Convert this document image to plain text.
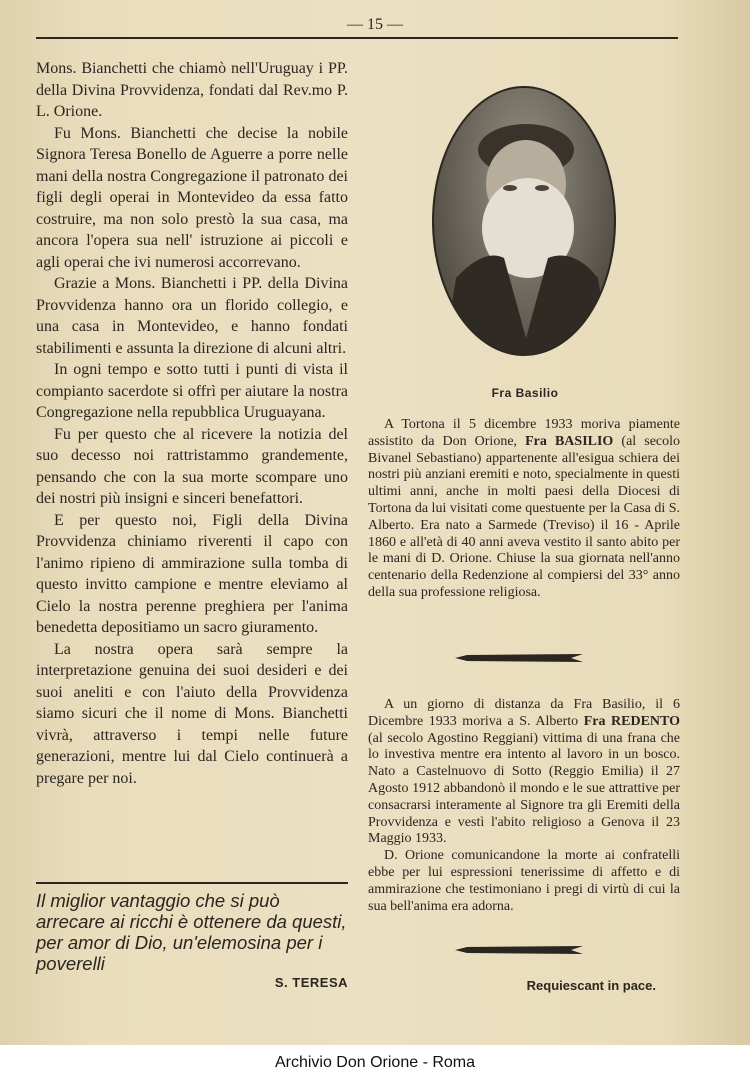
— 15 —

Mons. Bianchetti che chiamò nell'Uruguay i PP. della Divina Provvidenza, fondati dal Rev.mo P. L. Orione.

Fu Mons. Bianchetti che decise la nobile Signora Teresa Bonello de Aguerre a porre nelle mani della nostra Congregazione il patronato dei figli degli operai in Montevideo da essa fatto costruire, ma non solo prestò la sua casa, ma ancora l'opera sua nell' istruzione ai piccoli e agli operai che ivi numerosi accorrevano.

Grazie a Mons. Bianchetti i PP. della Divina Provvidenza hanno ora un florido collegio, e una casa in Montevideo, e hanno fondati stabilimenti e assunta la direzione di alcuni altri.

In ogni tempo e sotto tutti i punti di vista il compianto sacerdote si offrì per aiutare la nostra Congregazione nella repubblica Uruguayana.

Fu per questo che al ricevere la notizia del suo decesso noi rattristammo grandemente, pensando che con la sua morte scompare uno dei nostri più insigni e sinceri benefattori.

E per questo noi, Figli della Divina Provvidenza chiniamo riverenti il capo con l'animo ripieno di ammirazione sulla tomba di questo invitto campione e mentre eleviamo al Cielo la nostra perenne preghiera per l'anima benedetta depositiamo un sacro giuramento.

La nostra opera sarà sempre la interpretazione genuina dei suoi desideri e dei suoi aneliti e con l'aiuto della Provvidenza siamo sicuri che il nome di Mons. Bianchetti vivrà, attraverso i tempi nelle future generazioni, mentre lui dal Cielo continuerà a pregare per noi.

Il miglior vantaggio che si può arrecare ai ricchi è ottenere da questi, per amor di Dio, un'elemosina per i poverelli
S. TERESA
Fra Basilio

A Tortona il 5 dicembre 1933 moriva piamente assistito da Don Orione, Fra BASILIO (al secolo Bivanel Sebastiano) appartenente all'esigua schiera dei nostri più anziani eremiti e noto, specialmente in questi ultimi anni, anche in molti paesi della Diocesi di Tortona da lui visitati come questuente per la Casa di S. Alberto. Era nato a Sarmede (Treviso) il 16 - Aprile 1860 e all'età di 40 anni aveva vestito il santo abito per le mani di D. Orione. Chiuse la sua giornata nell'anno centenario della Redenzione al compiersi del 33° anno della sua professione religiosa.

A un giorno di distanza da Fra Basilio, il 6 Dicembre 1933 moriva a S. Alberto Fra REDENTO (al secolo Agostino Reggiani) vittima di una frana che lo investiva mentre era intento al lavoro in un bosco. Nato a Castelnuovo di Sotto (Reggio Emilia) il 27 Agosto 1912 abbandonò il mondo e le sue attrattive per consacrarsi interamente al Signore tra gli Eremiti della Provvidenza e vestì l'abito religioso a Genova il 23 Maggio 1933.

D. Orione comunicandone la morte ai confratelli ebbe per lui espressioni tenerissime di affetto e di ammirazione che testimoniano i pregi di virtù di cui la sua bell'anima era adorna.

Requiescant in pace.
Archivio Don Orione - Roma
